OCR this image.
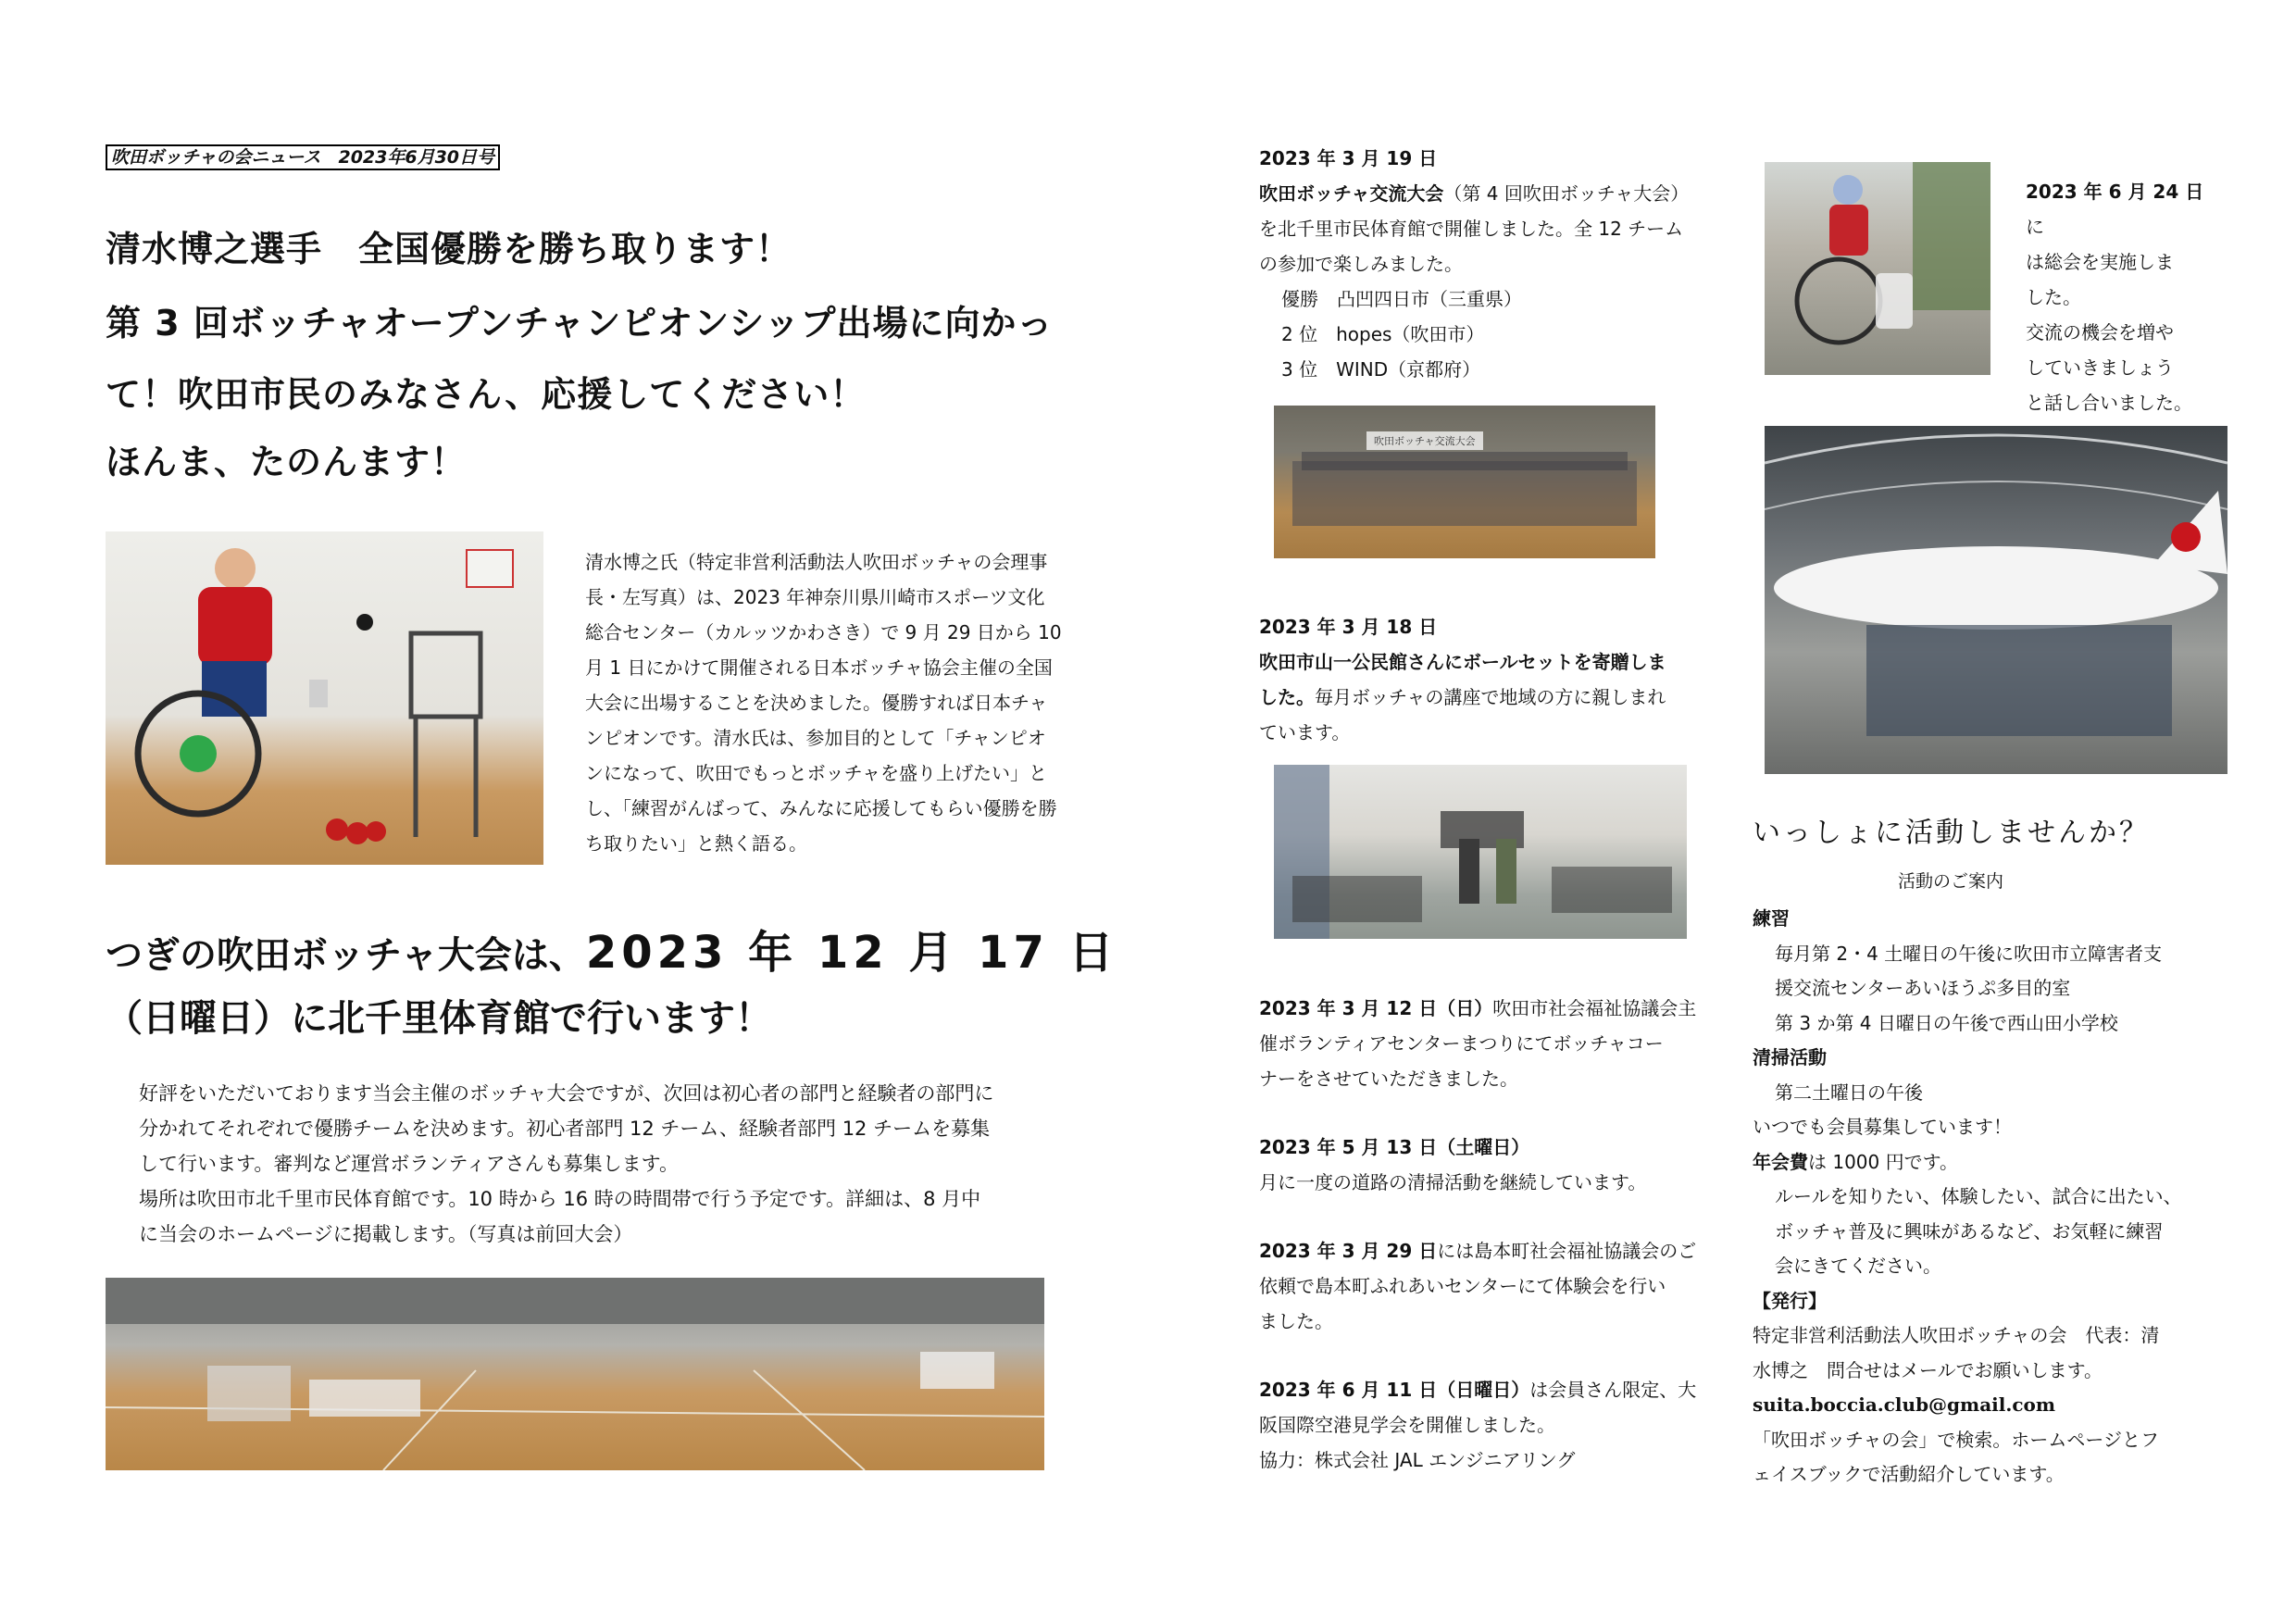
吹田ボッチャの会ニュース　2023年6月30日号
清水博之選手　全国優勝を勝ち取ります！
第 3 回ボッチャオープンチャンピオンシップ出場に向かっ
て！吹田市民のみなさん、応援してください！
ほんま、たのんます！
清水博之氏（特定非営利活動法人吹田ボッチャの会理事
長・左写真）は、2023 年神奈川県川崎市スポーツ文化
総合センター（カルッツかわさき）で 9 月 29 日から 10
月 1 日にかけて開催される日本ボッチャ協会主催の全国
大会に出場することを決めました。優勝すれば日本チャ
ンピオンです。清水氏は、参加目的として「チャンピオ
ンになって、吹田でもっとボッチャを盛り上げたい」と
し、「練習がんばって、みんなに応援してもらい優勝を勝
ち取りたい」と熱く語る。
つぎの吹田ボッチャ大会は、2023 年 12 月 17 日
（日曜日）に北千里体育館で行います！
好評をいただいております当会主催のボッチャ大会ですが、次回は初心者の部門と経験者の部門に
分かれてそれぞれで優勝チームを決めます。初心者部門 12 チーム、経験者部門 12 チームを募集
して行います。審判など運営ボランティアさんも募集します。
場所は吹田市北千里市民体育館です。10 時から 16 時の時間帯で行う予定です。詳細は、8 月中
に当会のホームページに掲載します。（写真は前回大会）
2023 年 3 月 19 日
吹田ボッチャ交流大会（第 4 回吹田ボッチャ大会）
を北千里市民体育館で開催しました。全 12 チーム
の参加で楽しみました。
優勝　凸凹四日市（三重県）
2 位　hopes（吹田市）
3 位　WIND（京都府）
吹田ボッチャ交流大会
2023 年 3 月 18 日
吹田市山一公民館さんにボールセットを寄贈しま
した。毎月ボッチャの講座で地域の方に親しまれ
ています。
2023 年 3 月 12 日（日）吹田市社会福祉協議会主
催ボランティアセンターまつりにてボッチャコー
ナーをさせていただきました。
2023 年 5 月 13 日（土曜日）
月に一度の道路の清掃活動を継続しています。
2023 年 3 月 29 日には島本町社会福祉協議会のご
依頼で島本町ふれあいセンターにて体験会を行い
ました。
2023 年 6 月 11 日（日曜日）は会員さん限定、大
阪国際空港見学会を開催しました。
協力：株式会社 JAL エンジニアリング
2023 年 6 月 24 日に
は総会を実施しま
した。
交流の機会を増や
していきましょう
と話し合いました。
いっしょに活動しませんか？
活動のご案内
練習
毎月第 2・4 土曜日の午後に吹田市立障害者支
援交流センターあいほうぷ多目的室
第 3 か第 4 日曜日の午後で西山田小学校
清掃活動
第二土曜日の午後
いつでも会員募集しています！
年会費は 1000 円です。
ルールを知りたい、体験したい、試合に出たい、
ボッチャ普及に興味があるなど、お気軽に練習
会にきてください。
【発行】
特定非営利活動法人吹田ボッチャの会　代表：清
水博之　問合せはメールでお願いします。
suita.boccia.club@gmail.com
「吹田ボッチャの会」で検索。ホームページとフ
ェイスブックで活動紹介しています。
